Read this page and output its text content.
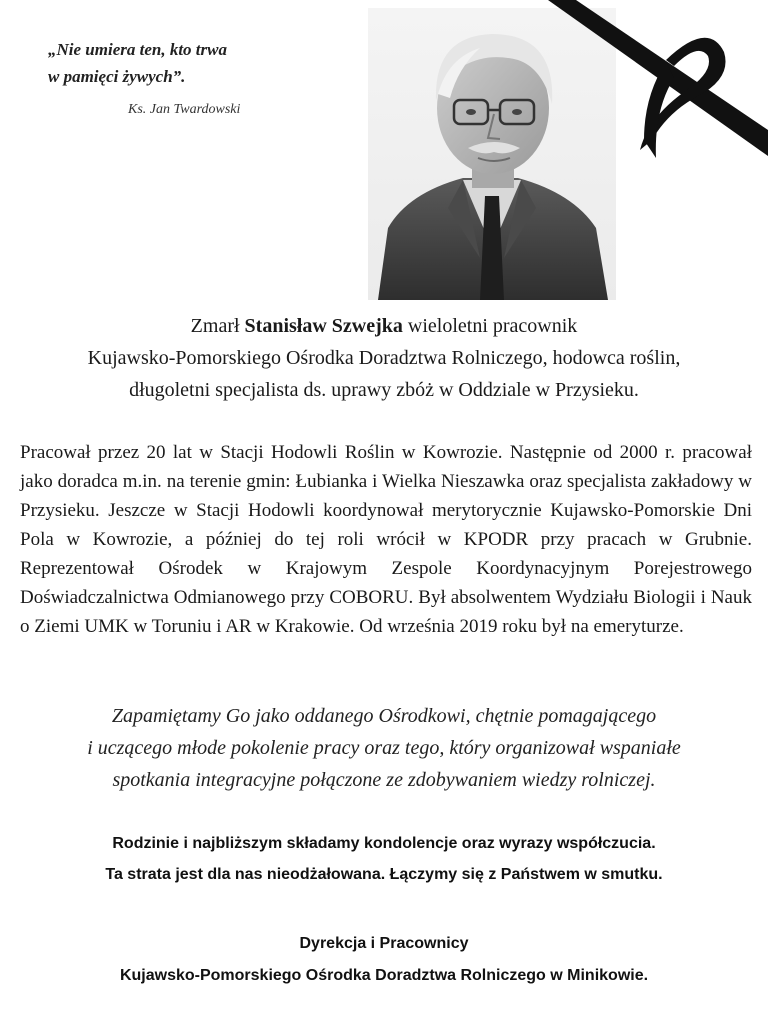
„Nie umiera ten, kto trwa
w pamięci żywych”.
Ks. Jan Twardowski
Zmarł Stanisław Szwejka wieloletni pracownik
Kujawsko-Pomorskiego Ośrodka Doradztwa Rolniczego, hodowca roślin,
długoletni specjalista ds. uprawy zbóż w Oddziale w Przysieku.
Pracował przez 20 lat w Stacji Hodowli Roślin w Kowrozie. Następnie od 2000 r. pracował jako doradca m.in. na terenie gmin: Łubianka i Wielka Nieszawka oraz specjalista zakładowy w Przysieku. Jeszcze w Stacji Hodowli koordynował merytorycznie Kujawsko-Pomorskie Dni Pola w Kowrozie, a później do tej roli wrócił w KPODR przy pracach w Grubnie. Reprezentował Ośrodek w Krajowym Zespole Koordynacyjnym Porejestrowego Doświadczalnictwa Odmianowego przy COBORU. Był absolwentem Wydziału Biologii i Nauk o Ziemi UMK w Toruniu i AR w Krakowie. Od września 2019 roku był na emeryturze.
Zapamiętamy Go jako oddanego Ośrodkowi, chętnie pomagającego
i uczącego młode pokolenie pracy oraz tego, który organizował wspaniałe
spotkania integracyjne połączone ze zdobywaniem wiedzy rolniczej.
Rodzinie i najbliższym składamy kondolencje oraz wyrazy współczucia.
Ta strata jest dla nas nieodżałowana. Łączymy się z Państwem w smutku.
Dyrekcja i Pracownicy
Kujawsko-Pomorskiego Ośrodka Doradztwa Rolniczego w Minikowie.
